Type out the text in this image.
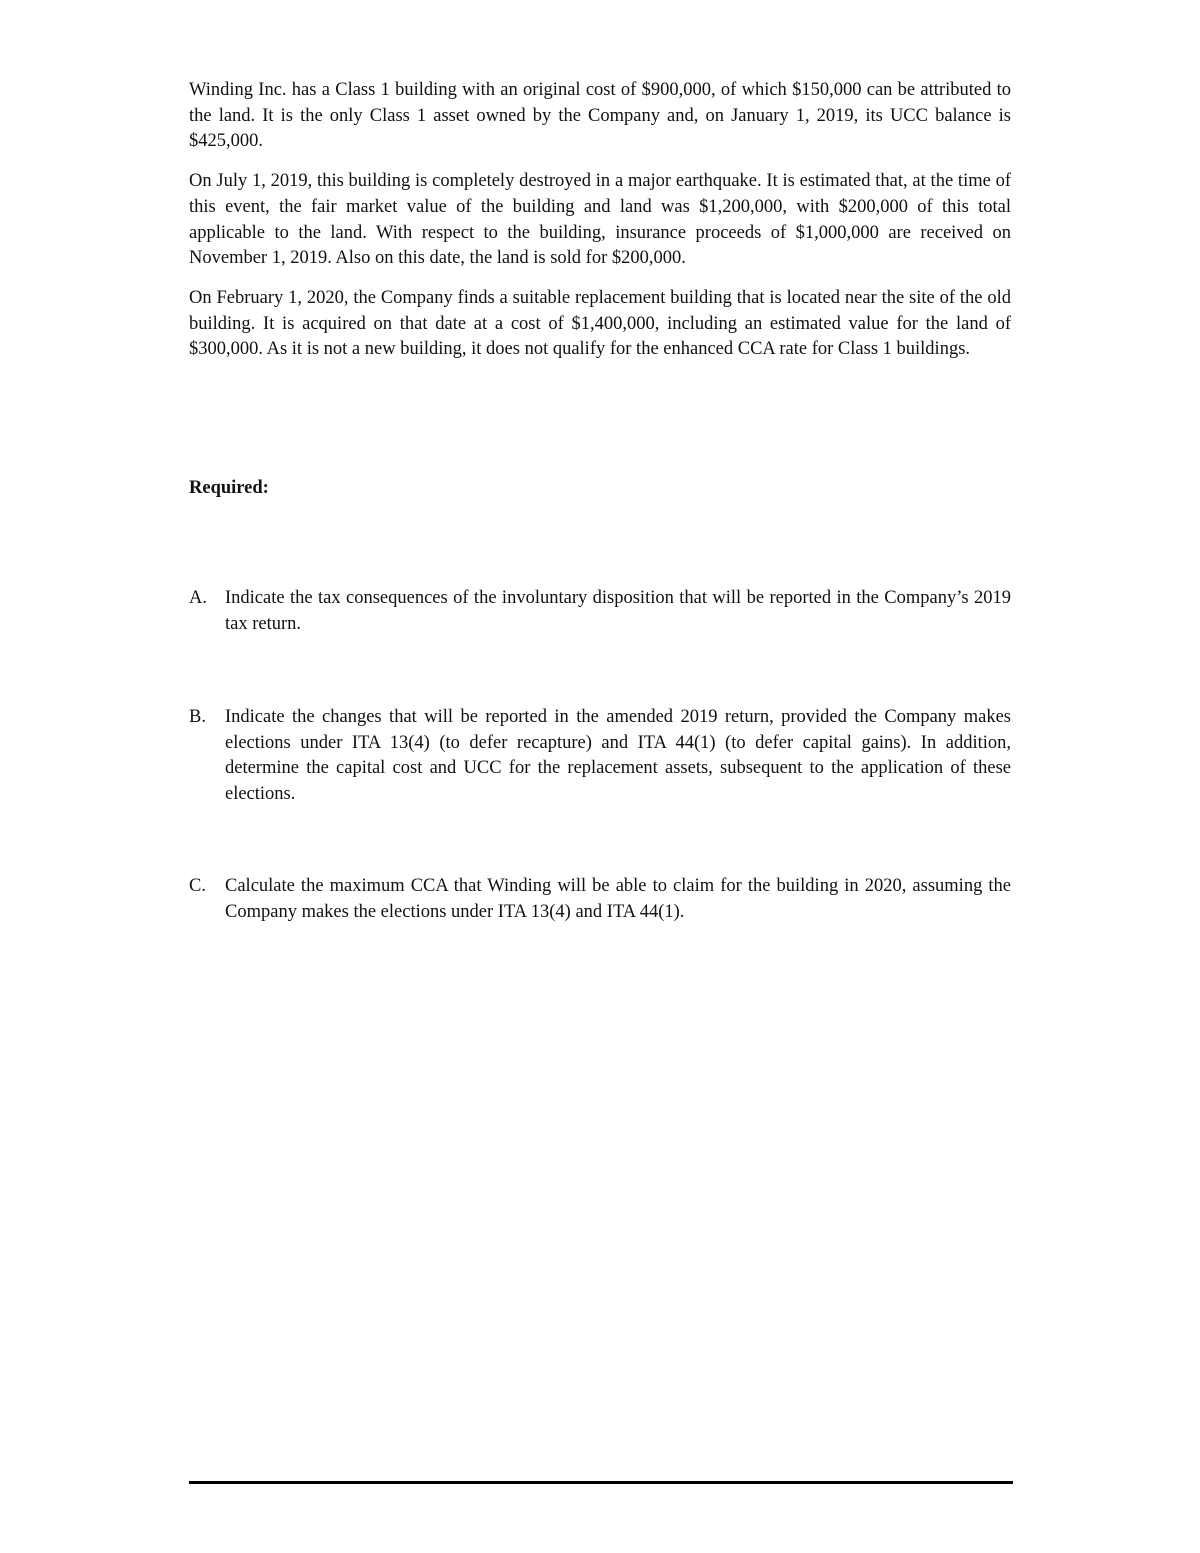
Winding Inc. has a Class 1 building with an original cost of $900,000, of which $150,000 can be attributed to the land. It is the only Class 1 asset owned by the Company and, on January 1, 2019, its UCC balance is $425,000.

On July 1, 2019, this building is completely destroyed in a major earthquake. It is estimated that, at the time of this event, the fair market value of the building and land was $1,200,000, with $200,000 of this total applicable to the land. With respect to the building, insurance proceeds of $1,000,000 are received on November 1, 2019. Also on this date, the land is sold for $200,000.

On February 1, 2020, the Company finds a suitable replacement building that is located near the site of the old building. It is acquired on that date at a cost of $1,400,000, including an estimated value for the land of $300,000. As it is not a new building, it does not qualify for the enhanced CCA rate for Class 1 buildings.

Required:

A. Indicate the tax consequences of the involuntary disposition that will be reported in the Company’s 2019 tax return.
B.	Indicate the changes that will be reported in the amended 2019 return, provided the Company makes elections under ITA 13(4) (to defer recapture) and ITA 44(1) (to defer capital gains). In addition, determine the capital cost and UCC for the replacement assets, subsequent to the application of these elections.
C.	Calculate the maximum CCA that Winding will be able to claim for the building in 2020, assuming the Company makes the elections under ITA 13(4) and ITA 44(1).
